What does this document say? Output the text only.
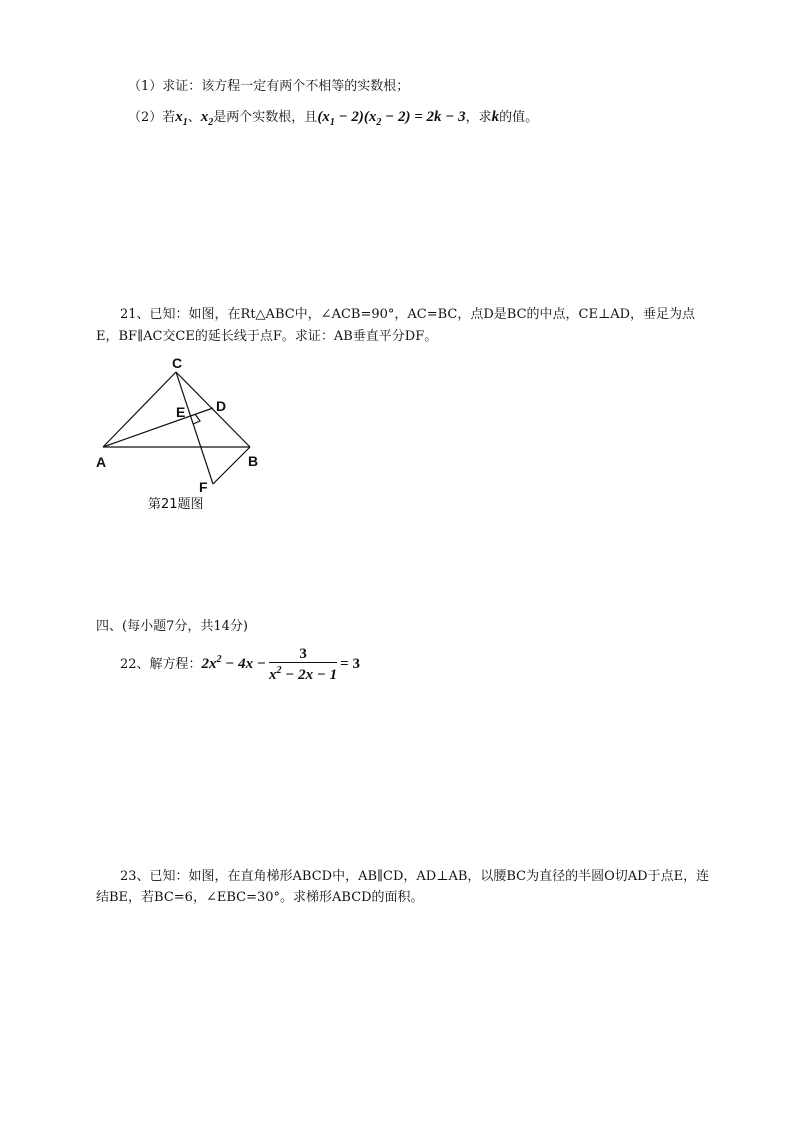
（1）求证：该方程一定有两个不相等的实数根；
（2）若$x_1$、$x_2$是两个实数根，且$(x_1 - 2)(x_2 - 2) = 2k - 3$，求k的值。
21、已知：如图，在Rt△ABC中，∠ACB=90°，AC=BC，点D是BC的中点，CE⊥AD，垂足为点
E，BF∥AC交CE的延长线于点F。求证：AB垂直平分DF。
C
E D
A	B
F
第21题图
四、(每小题7分，共14分)
22、解方程：$2x^2 - 4x - \frac{3}{x^2 - 2x - 1} = 3$
23、已知：如图，在直角梯形ABCD中，AB∥CD，AD⊥AB，以腰BC为直径的半圆O切AD于点E，连
结BE，若BC=6，∠EBC=30°。求梯形ABCD的面积。
